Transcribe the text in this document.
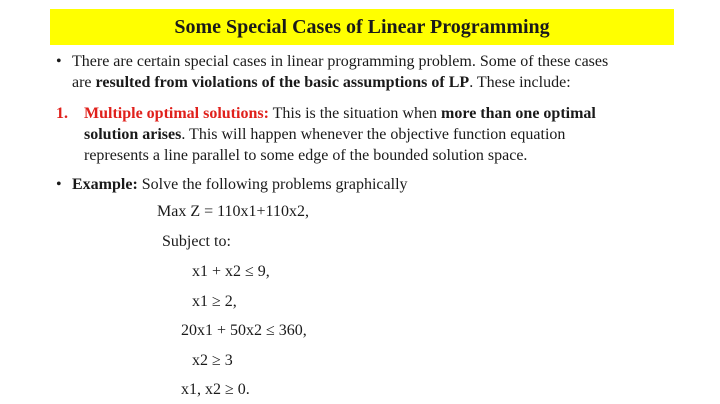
Some Special Cases of Linear Programming
• There are certain special cases in linear programming problem. Some of these cases
are resulted from violations of the basic assumptions of LP. These include:
1. Multiple optimal solutions: This is the situation when more than one optimal
solution arises. This will happen whenever the objective function equation
represents a line parallel to some edge of the bounded solution space.
• Example: Solve the following problems graphically
Max Z = 110x1+110x2,
Subject to:
x1 + x2 ≤ 9,
x1 ≥ 2,
20x1 + 50x2 ≤ 360,
x2 ≥ 3
x1, x2 ≥ 0.
